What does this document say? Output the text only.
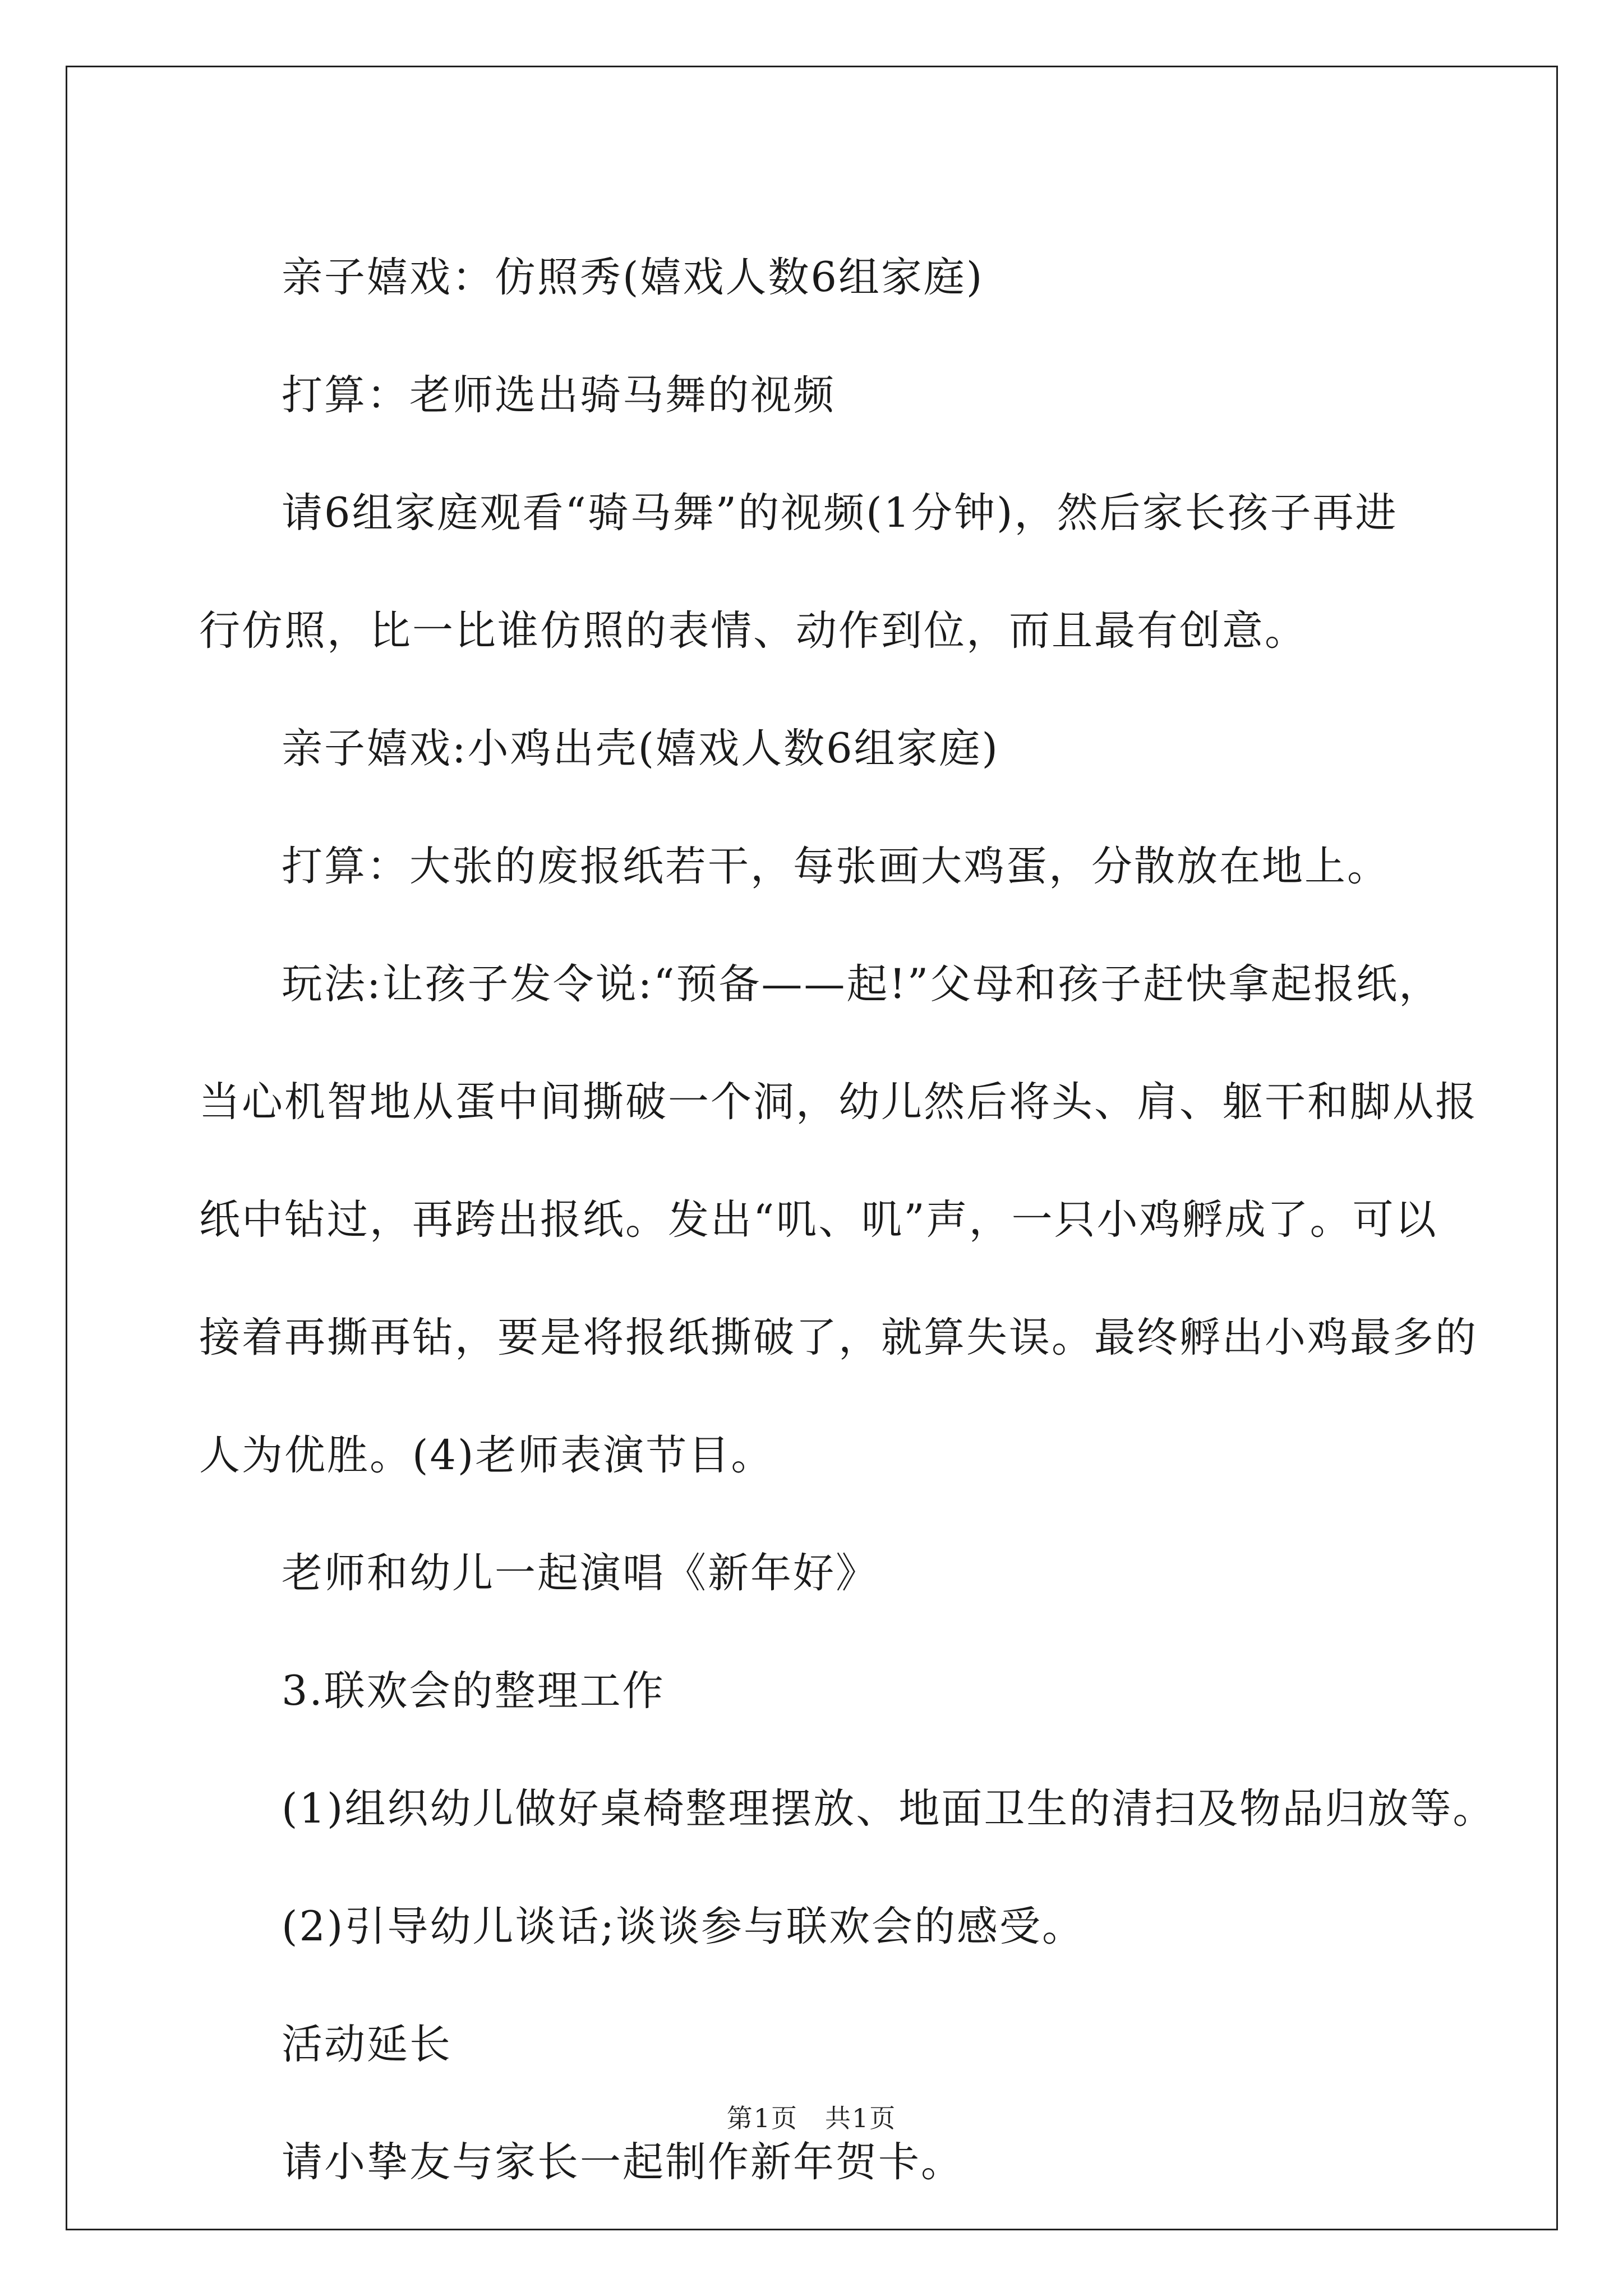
亲子嬉戏：仿照秀(嬉戏人数6组家庭)
打算：老师选出骑马舞的视频
请6组家庭观看“骑马舞”的视频(1分钟)，然后家长孩子再进
行仿照，比一比谁仿照的表情、动作到位，而且最有创意。
亲子嬉戏:小鸡出壳(嬉戏人数6组家庭)
打算：大张的废报纸若干，每张画大鸡蛋，分散放在地上。
玩法:让孩子发令说:“预备——起!”父母和孩子赶快拿起报纸，
当心机智地从蛋中间撕破一个洞，幼儿然后将头、肩、躯干和脚从报
纸中钻过，再跨出报纸。发出“叽、叽”声，一只小鸡孵成了。可以
接着再撕再钻，要是将报纸撕破了，就算失误。最终孵出小鸡最多的
人为优胜。(4)老师表演节目。
老师和幼儿一起演唱《新年好》
3.联欢会的整理工作
(1)组织幼儿做好桌椅整理摆放、地面卫生的清扫及物品归放等。
(2)引导幼儿谈话;谈谈参与联欢会的感受。
活动延长
请小挚友与家长一起制作新年贺卡。
第1页　共1页
